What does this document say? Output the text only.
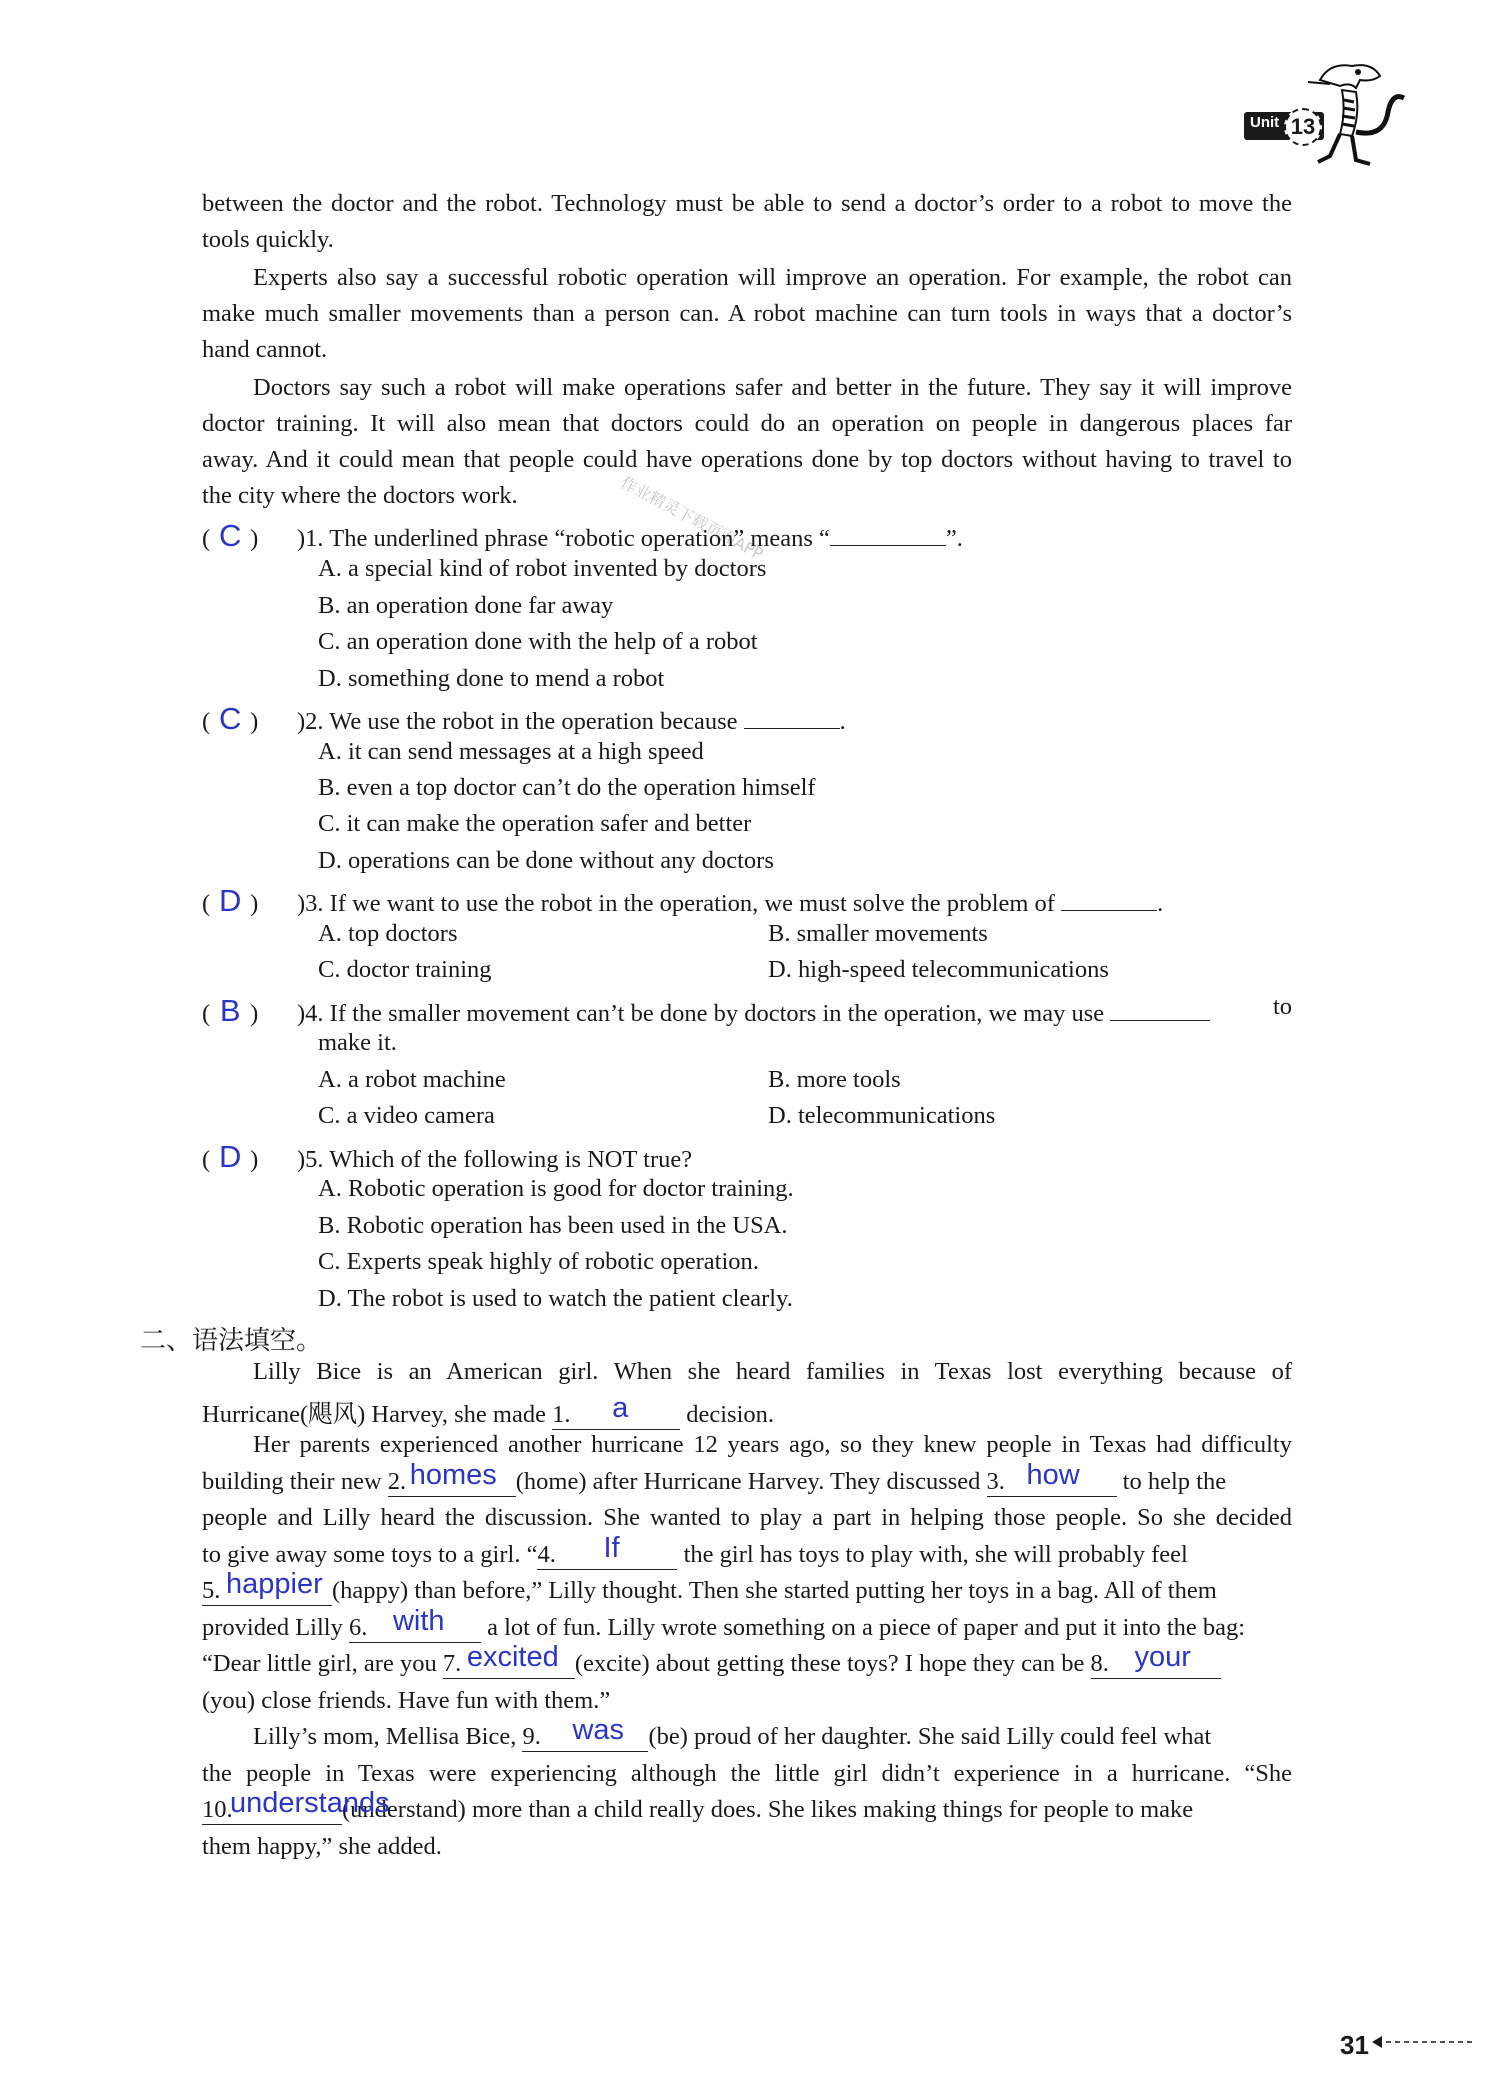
Unit 13
between the doctor and the robot. Technology must be able to send a doctor’s order to a robot to move the
tools quickly.
Experts also say a successful robotic operation will improve an operation. For example, the robot can
make much smaller movements than a person can. A robot machine can turn tools in ways that a doctor’s
hand cannot.
Doctors say such a robot will make operations safer and better in the future. They say it will improve
doctor training. It will also mean that doctors could do an operation on people in dangerous places far
away. And it could mean that people could have operations done by top doctors without having to travel to
the city where the doctors work.	作业精灵下载页面APP
( C ) )1. The underlined phrase “robotic operation” means “	”.
A. a special kind of robot invented by doctors
B. an operation done far away
C. an operation done with the help of a robot
D. something done to mend a robot
( C ) )2. We use the robot in the operation because	.
A. it can send messages at a high speed
B. even a top doctor can’t do the operation himself
C. it can make the operation safer and better
D. operations can be done without any doctors
( D ) )3. If we want to use the robot in the operation, we must solve the problem of	.
A. top doctors	B. smaller movements
C. doctor training	D. high-speed telecommunications
( B ) )4. If the smaller movement can’t be done by doctors in the operation, we may use	to
make it.
A. a robot machine	B. more tools
C. a video camera	D. telecommunications
( D ) )5. Which of the following is NOT true?
A. Robotic operation is good for doctor training.
B. Robotic operation has been used in the USA.
C. Experts speak highly of robotic operation.
D. The robot is used to watch the patient clearly.
二、语法填空。
Lilly Bice is an American girl. When she heard families in Texas lost everything because of
Hurricane(飓风) Harvey, she made 1. a decision.
Her parents experienced another hurricane 12 years ago, so they knew people in Texas had difficulty
building their new 2. homes (home) after Hurricane Harvey. They discussed 3. how to help the
people and Lilly heard the discussion. She wanted to play a part in helping those people. So she decided
to give away some toys to a girl. “4. If the girl has toys to play with, she will probably feel
5. happier (happy) than before,” Lilly thought. Then she started putting her toys in a bag. All of them
provided Lilly 6. with a lot of fun. Lilly wrote something on a piece of paper and put it into the bag:
“Dear little girl, are you 7. excited (excite) about getting these toys? I hope they can be 8. your

(you) close friends. Have fun with them.”
Lilly’s mom, Mellisa Bice, 9. was (be) proud of her daughter. She said Lilly could feel what
the people in Texas were experiencing although the little girl didn’t experience in a hurricane. “She
10.
understands
(understand) more than a child really does. She likes making things for people to make
them happy,” she added.
31
